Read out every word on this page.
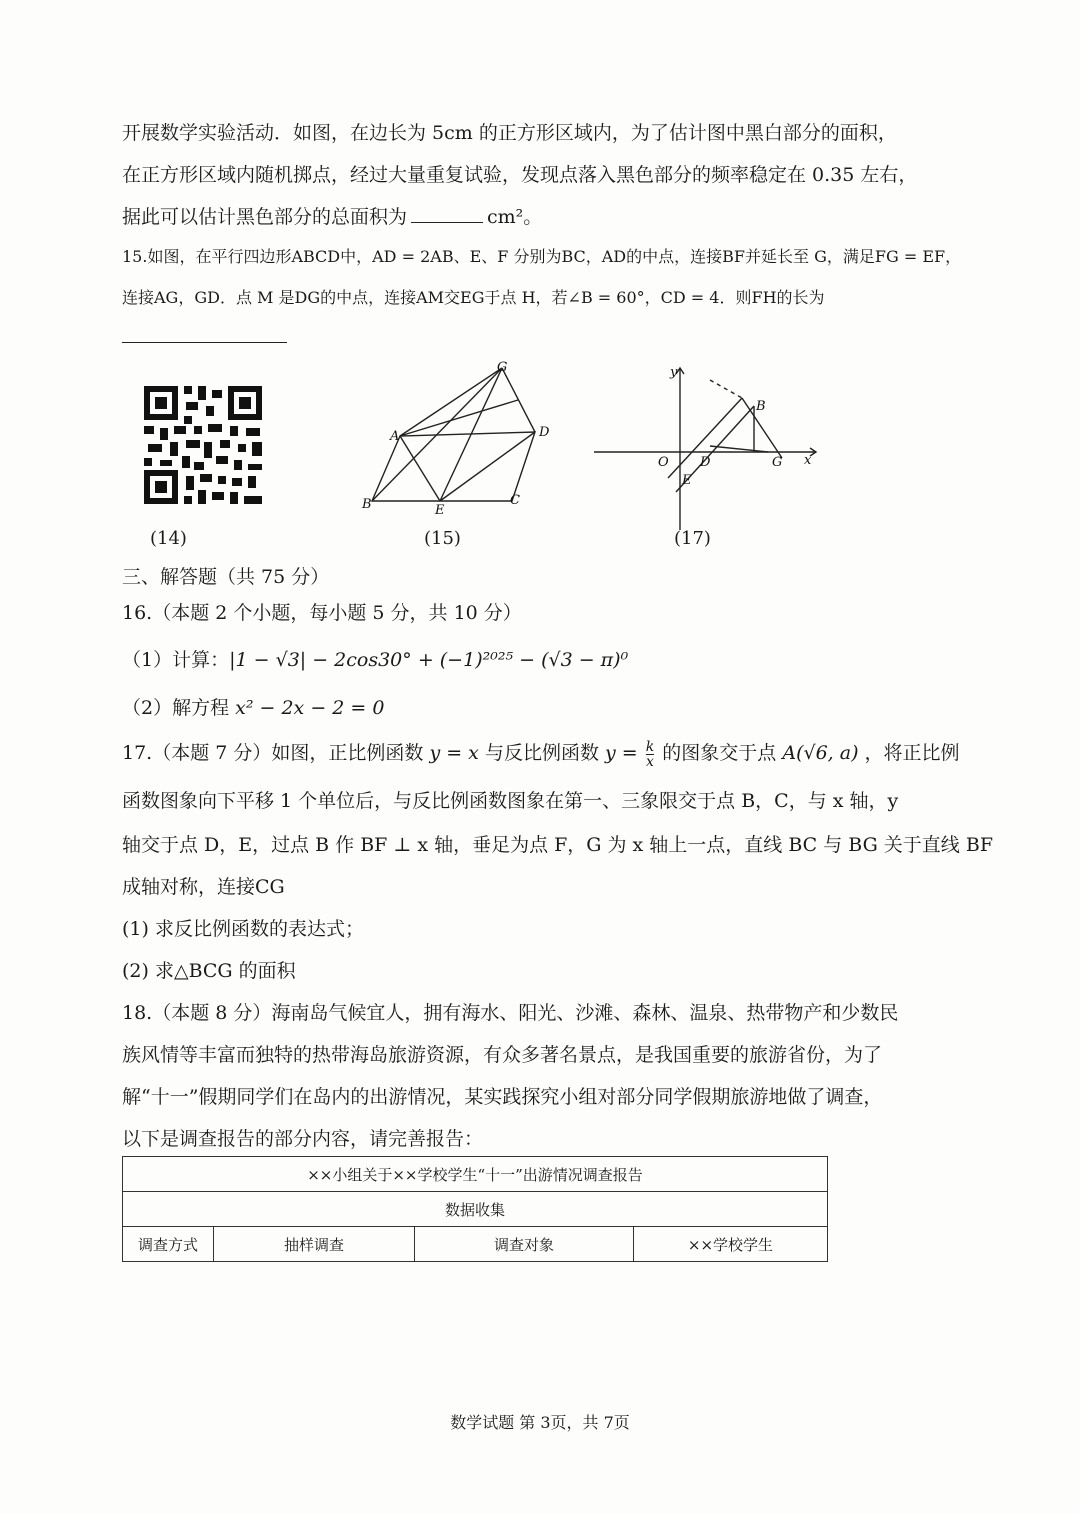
开展数学实验活动．如图，在边长为 5cm 的正方形区域内，为了估计图中黑白部分的面积，
在正方形区域内随机掷点，经过大量重复试验，发现点落入黑色部分的频率稳定在 0.35 左右，
据此可以估计黑色部分的总面积为	cm²。
15.如图，在平行四边形ABCD中，AD = 2AB、E、F 分别为BC，AD的中点，连接BF并延长至 G，满足FG = EF，
连接AG，GD．点 M 是DG的中点，连接AM交EG于点 H，若∠B = 60°，CD = 4．则FH的长为
(14)
G
A	D
B	E
C
(15)
y
x
O D
E
G
B
(17)
三、解答题（共 75 分）
16.（本题 2 个小题，每小题 5 分，共 10 分）
（1）计算：|1 − √3| − 2cos30° + (−1)²⁰²⁵ − (√3 − π)⁰
（2）解方程 x² − 2x − 2 = 0
17.（本题 7 分）如图，正比例函数 y = x 与反比例函数 $y = \frac{k}{x}$ 的图象交于点 A(√6, a) ，将正比例
函数图象向下平移 1 个单位后，与反比例函数图象在第一、三象限交于点 B，C，与 x 轴，y
轴交于点 D，E，过点 B 作 BF ⊥ x 轴，垂足为点 F，G 为 x 轴上一点，直线 BC 与 BG 关于直线 BF
成轴对称，连接CG
(1) 求反比例函数的表达式；
(2) 求△BCG 的面积
18.（本题 8 分）海南岛气候宜人，拥有海水、阳光、沙滩、森林、温泉、热带物产和少数民
族风情等丰富而独特的热带海岛旅游资源，有众多著名景点，是我国重要的旅游省份，为了
解“十一”假期同学们在岛内的出游情况，某实践探究小组对部分同学假期旅游地做了调查，
以下是调查报告的部分内容，请完善报告：
××小组关于××学校学生“十一”出游情况调查报告
数据收集
调查方式	抽样调查	调查对象	××学校学生
数学试题 第 3页，共 7页
